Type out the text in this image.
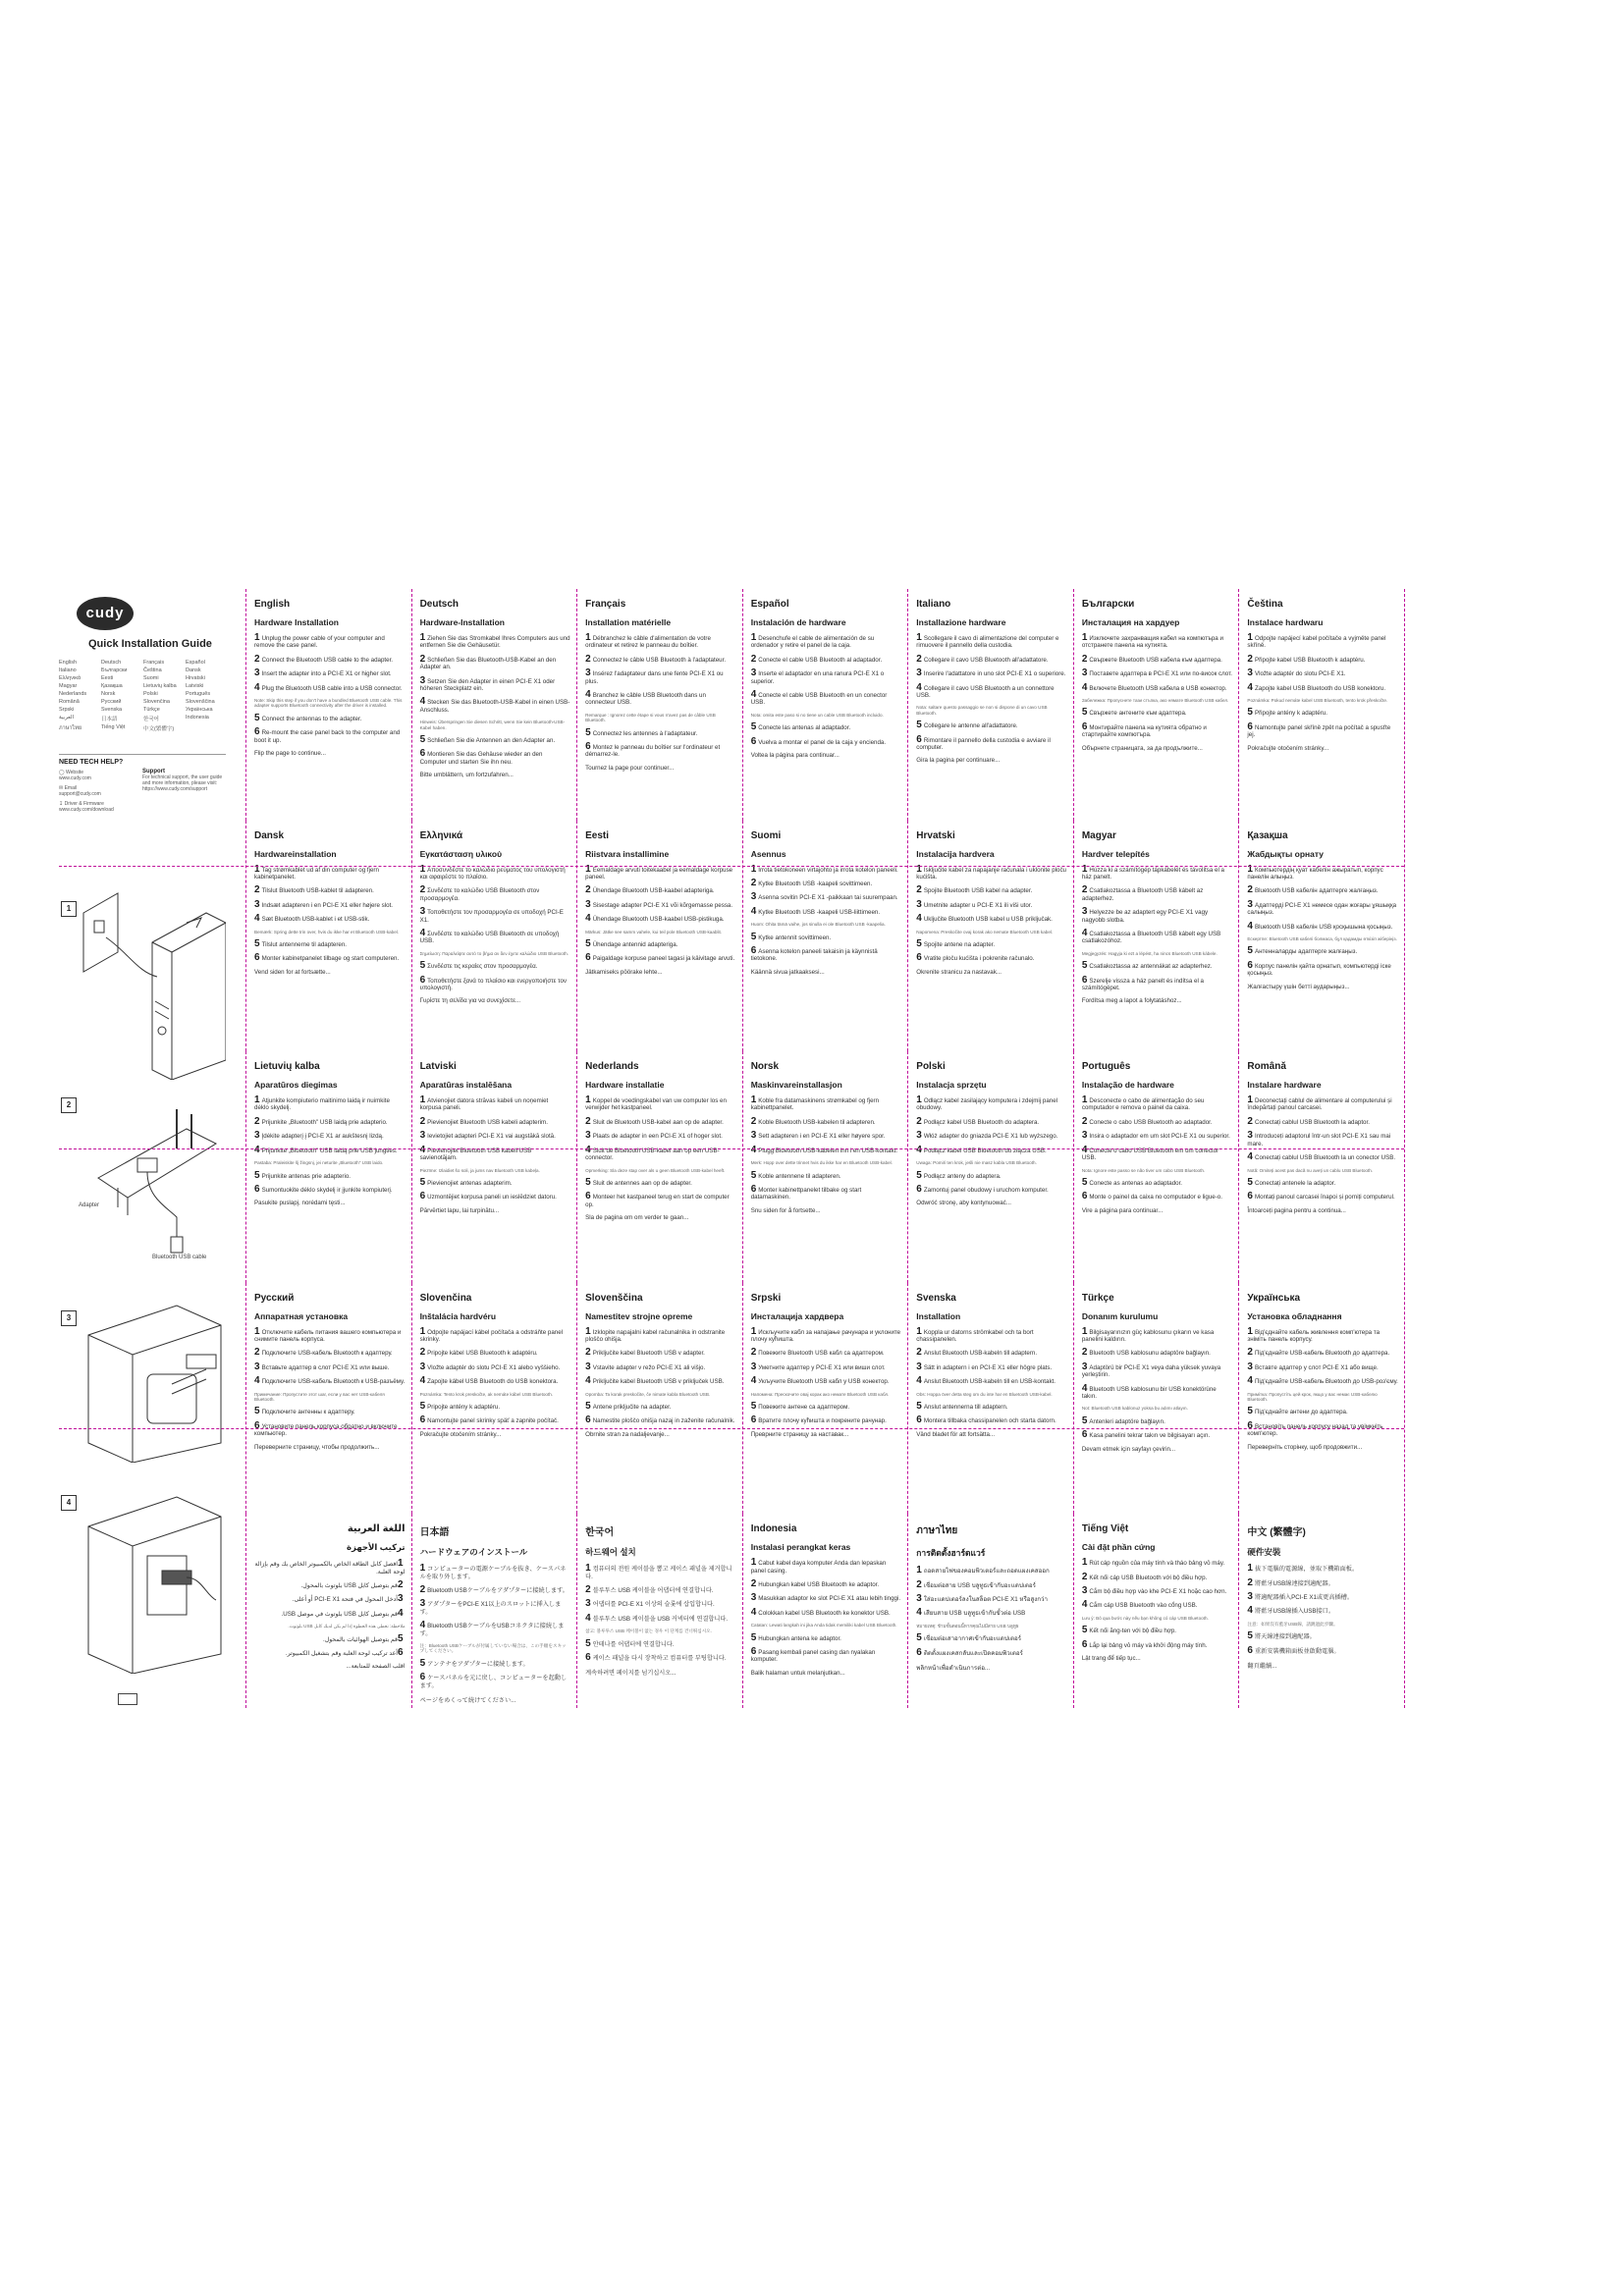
cudy
Quick Installation Guide
English	Deutsch	Français	Español
Italiano	Български	Čeština	Dansk
Ελληνικά	Eesti	Suomi	Hrvatski
Magyar	Қазақша	Lietuvių kalba	Latviski
Nederlands	Norsk	Polski	Português
Română	Русский	Slovenčina	Slovenščina
Srpski	Svenska	Türkçe	Українська
العربية	日本語	한국어	Indonesia
ภาษาไทย	Tiếng Việt	中文(繁體字)
NEED TECH HELP?
◯ Website
www.cudy.com
✉ Email
support@cudy.com
↧ Driver & Firmware
www.cudy.com/download
Support
For technical support, the user guide and more information, please visit: https://www.cudy.com/support
1
2
Adapter
Bluetooth USB cable
3
4
English
Hardware Installation
1 Unplug the power cable of your computer and remove the case panel.
2 Connect the Bluetooth USB cable to the adapter.
3 Insert the adapter into a PCI-E X1 or higher slot.
4 Plug the Bluetooth USB cable into a USB connector.
Note: Skip this step if you don't have a bundled Bluetooth USB cable. This adapter supports Bluetooth connectivity after the driver is installed.
5 Connect the antennas to the adapter.
6 Re-mount the case panel back to the computer and boot it up.
Flip the page to continue...
Deutsch
Hardware-Installation
1 Ziehen Sie das Stromkabel Ihres Computers aus und entfernen Sie die Gehäusetür.
2 Schließen Sie das Bluetooth-USB-Kabel an den Adapter an.
3 Setzen Sie den Adapter in einen PCI-E X1 oder höheren Steckplatz ein.
4 Stecken Sie das Bluetooth-USB-Kabel in einen USB-Anschluss.
Hinweis: Überspringen Sie diesen Schritt, wenn Sie kein Bluetooth-USB-Kabel haben.
5 Schließen Sie die Antennen an den Adapter an.
6 Montieren Sie das Gehäuse wieder an den Computer und starten Sie ihn neu.
Bitte umblättern, um fortzufahren...
Français
Installation matérielle
1 Débranchez le câble d'alimentation de votre ordinateur et retirez le panneau du boîtier.
2 Connectez le câble USB Bluetooth à l'adaptateur.
3 Insérez l'adaptateur dans une fente PCI-E X1 ou plus.
4 Branchez le câble USB Bluetooth dans un connecteur USB.
Remarque : Ignorez cette étape si vous n'avez pas de câble USB Bluetooth.
5 Connectez les antennes à l'adaptateur.
6 Montez le panneau du boîtier sur l'ordinateur et démarrez-le.
Tournez la page pour continuer...
Español
Instalación de hardware
1 Desenchufe el cable de alimentación de su ordenador y retire el panel de la caja.
2 Conecte el cable USB Bluetooth al adaptador.
3 Inserte el adaptador en una ranura PCI-E X1 o superior.
4 Conecte el cable USB Bluetooth en un conector USB.
Nota: omita este paso si no tiene un cable USB Bluetooth incluido.
5 Conecte las antenas al adaptador.
6 Vuelva a montar el panel de la caja y encienda.
Voltea la página para continuar...
Italiano
Installazione hardware
1 Scollegare il cavo di alimentazione del computer e rimuovere il pannello della custodia.
2 Collegare il cavo USB Bluetooth all'adattatore.
3 Inserire l'adattatore in uno slot PCI-E X1 o superiore.
4 Collegare il cavo USB Bluetooth a un connettore USB.
Nota: saltare questo passaggio se non si dispone di un cavo USB Bluetooth.
5 Collegare le antenne all'adattatore.
6 Rimontare il pannello della custodia e avviare il computer.
Gira la pagina per continuare...
Български
Инсталация на хардуер
1 Изключете захранващия кабел на компютъра и отстранете панела на кутията.
2 Свържете Bluetooth USB кабела към адаптера.
3 Поставете адаптера в PCI-E X1 или по-висок слот.
4 Включете Bluetooth USB кабела в USB конектор.
Забележка: Пропуснете тази стъпка, ако нямате Bluetooth USB кабел.
5 Свържете антените към адаптера.
6 Монтирайте панела на кутията обратно и стартирайте компютъра.
Обърнете страницата, за да продължите...
Čeština
Instalace hardwaru
1 Odpojte napájecí kabel počítače a vyjměte panel skříně.
2 Připojte kabel USB Bluetooth k adaptéru.
3 Vložte adaptér do slotu PCI-E X1.
4 Zapojte kabel USB Bluetooth do USB konektoru.
Poznámka: Pokud nemáte kabel USB Bluetooth, tento krok přeskočte.
5 Připojte antény k adaptéru.
6 Namontujte panel skříně zpět na počítač a spusťte jej.
Pokračujte otočením stránky...
Dansk
Hardwareinstallation
1 Tag strømkablet ud af din computer og fjern kabinetpanelet.
2 Tilslut Bluetooth USB-kablet til adapteren.
3 Indsæt adapteren i en PCI-E X1 eller højere slot.
4 Sæt Bluetooth USB-kablet i et USB-stik.
Bemærk: Spring dette trin over, hvis du ikke har et Bluetooth USB-kabel.
5 Tilslut antennerne til adapteren.
6 Monter kabinetpanelet tilbage og start computeren.
Vend siden for at fortsætte...
Ελληνικά
Εγκατάσταση υλικού
1 Αποσυνδέστε το καλώδιο ρεύματος του υπολογιστή και αφαιρέστε το πλαίσιο.
2 Συνδέστε το καλώδιο USB Bluetooth στον προσαρμογέα.
3 Τοποθετήστε τον προσαρμογέα σε υποδοχή PCI-E X1.
4 Συνδέστε το καλώδιο USB Bluetooth σε υποδοχή USB.
Σημείωση: Παραλείψτε αυτό το βήμα αν δεν έχετε καλώδιο USB Bluetooth.
5 Συνδέστε τις κεραίες στον προσαρμογέα.
6 Τοποθετήστε ξανά το πλαίσιο και ενεργοποιήστε τον υπολογιστή.
Γυρίστε τη σελίδα για να συνεχίσετε...
Eesti
Riistvara installimine
1 Eemaldage arvuti toitekaabel ja eemaldage korpuse paneel.
2 Ühendage Bluetooth USB-kaabel adapteriga.
3 Sisestage adapter PCI-E X1 või kõrgemasse pessa.
4 Ühendage Bluetooth USB-kaabel USB-pistikuga.
Märkus: Jätke see samm vahele, kui teil pole Bluetooth USB-kaablit.
5 Ühendage antennid adapteriga.
6 Paigaldage korpuse paneel tagasi ja käivitage arvuti.
Jätkamiseks pöörake lehte...
Suomi
Asennus
1 Irrota tietokoneen virtajohto ja irrota kotelon paneeli.
2 Kytke Bluetooth USB -kaapeli sovittimeen.
3 Asenna sovitin PCI-E X1 -paikkaan tai suurempaan.
4 Kytke Bluetooth USB -kaapeli USB-liittimeen.
Huom: Ohita tämä vaihe, jos sinulla ei ole Bluetooth USB -kaapelia.
5 Kytke antennit sovittimeen.
6 Asenna kotelon paneeli takaisin ja käynnistä tietokone.
Käännä sivua jatkaaksesi...
Hrvatski
Instalacija hardvera
1 Isključite kabel za napajanje računala i uklonite ploču kućišta.
2 Spojite Bluetooth USB kabel na adapter.
3 Umetnite adapter u PCI-E X1 ili viši utor.
4 Uključite Bluetooth USB kabel u USB priključak.
Napomena: Preskočite ovaj korak ako nemate Bluetooth USB kabel.
5 Spojite antene na adapter.
6 Vratite ploču kućišta i pokrenite računalo.
Okrenite stranicu za nastavak...
Magyar
Hardver telepítés
1 Húzza ki a számítógép tápkábelét és távolítsa el a ház panelt.
2 Csatlakoztassa a Bluetooth USB kábelt az adapterhez.
3 Helyezze be az adaptert egy PCI-E X1 vagy nagyobb slotba.
4 Csatlakoztassa a Bluetooth USB kábelt egy USB csatlakozóhoz.
Megjegyzés: Hagyja ki ezt a lépést, ha nincs Bluetooth USB kábele.
5 Csatlakoztassa az antennákat az adapterhez.
6 Szerelje vissza a ház panelt és indítsa el a számítógépet.
Fordítsa meg a lapot a folytatáshoz...
Қазақша
Жабдықты орнату
1 Компьютердің қуат кабелін ажыратып, корпус панелін алыңыз.
2 Bluetooth USB кабелін адаптерге жалғаңыз.
3 Адаптерді PCI-E X1 немесе одан жоғары ұяшыққа салыңыз.
4 Bluetooth USB кабелін USB қосқышына қосыңыз.
Ескертпе: Bluetooth USB кабелі болмаса, бұл қадамды өткізіп жіберіңіз.
5 Антенналарды адаптерге жалғаңыз.
6 Корпус панелін қайта орнатып, компьютерді іске қосыңыз.
Жалғастыру үшін бетті аударыңыз...
Lietuvių kalba
Aparatūros diegimas
1 Atjunkite kompiuterio maitinimo laidą ir nuimkite dėklo skydelį.
2 Prijunkite „Bluetooth" USB laidą prie adapterio.
3 Įdėkite adapterį į PCI-E X1 ar aukštesnį lizdą.
4 Prijunkite „Bluetooth" USB laidą prie USB jungties.
Pastaba: Praleiskite šį žingsnį, jei neturite „Bluetooth" USB laido.
5 Prijunkite antenas prie adapterio.
6 Sumontuokite dėklo skydelį ir įjunkite kompiuterį.
Pasukite puslapį, norėdami tęsti...
Latviski
Aparatūras instalēšana
1 Atvienojiet datora strāvas kabeli un noņemiet korpusa paneli.
2 Pievienojiet Bluetooth USB kabeli adapterim.
3 Ievietojiet adapteri PCI-E X1 vai augstākā slotā.
4 Pievienojiet Bluetooth USB kabeli USB savienotājam.
Piezīme: Izlaidiet šo soli, ja jums nav Bluetooth USB kabeļa.
5 Pievienojiet antenas adapterim.
6 Uzmontējiet korpusa paneli un ieslēdziet datoru.
Pārvērtiet lapu, lai turpinātu...
Nederlands
Hardware installatie
1 Koppel de voedingskabel van uw computer los en verwijder het kastpaneel.
2 Sluit de Bluetooth USB-kabel aan op de adapter.
3 Plaats de adapter in een PCI-E X1 of hoger slot.
4 Sluit de Bluetooth USB-kabel aan op een USB-connector.
Opmerking: Sla deze stap over als u geen Bluetooth USB-kabel heeft.
5 Sluit de antennes aan op de adapter.
6 Monteer het kastpaneel terug en start de computer op.
Sla de pagina om om verder te gaan...
Norsk
Maskinvareinstallasjon
1 Koble fra datamaskinens strømkabel og fjern kabinettpanelet.
2 Koble Bluetooth USB-kabelen til adapteren.
3 Sett adapteren i en PCI-E X1 eller høyere spor.
4 Plugg Bluetooth USB-kabelen inn i en USB-kontakt.
Merk: Hopp over dette trinnet hvis du ikke har en Bluetooth USB-kabel.
5 Koble antennene til adapteren.
6 Monter kabinettpanelet tilbake og start datamaskinen.
Snu siden for å fortsette...
Polski
Instalacja sprzętu
1 Odłącz kabel zasilający komputera i zdejmij panel obudowy.
2 Podłącz kabel USB Bluetooth do adaptera.
3 Włóż adapter do gniazda PCI-E X1 lub wyższego.
4 Podłącz kabel USB Bluetooth do złącza USB.
Uwaga: Pomiń ten krok, jeśli nie masz kabla USB Bluetooth.
5 Podłącz anteny do adaptera.
6 Zamontuj panel obudowy i uruchom komputer.
Odwróć stronę, aby kontynuować...
Português
Instalação de hardware
1 Desconecte o cabo de alimentação do seu computador e remova o painel da caixa.
2 Conecte o cabo USB Bluetooth ao adaptador.
3 Insira o adaptador em um slot PCI-E X1 ou superior.
4 Conecte o cabo USB Bluetooth em um conector USB.
Nota: Ignore este passo se não tiver um cabo USB Bluetooth.
5 Conecte as antenas ao adaptador.
6 Monte o painel da caixa no computador e ligue-o.
Vire a página para continuar...
Română
Instalare hardware
1 Deconectați cablul de alimentare al computerului și îndepărtați panoul carcasei.
2 Conectați cablul USB Bluetooth la adaptor.
3 Introduceți adaptorul într-un slot PCI-E X1 sau mai mare.
4 Conectați cablul USB Bluetooth la un conector USB.
Notă: Omiteți acest pas dacă nu aveți un cablu USB Bluetooth.
5 Conectați antenele la adaptor.
6 Montați panoul carcasei înapoi și porniți computerul.
Întoarceți pagina pentru a continua...
Русский
Аппаратная установка
1 Отключите кабель питания вашего компьютера и снимите панель корпуса.
2 Подключите USB-кабель Bluetooth к адаптеру.
3 Вставьте адаптер в слот PCI-E X1 или выше.
4 Подключите USB-кабель Bluetooth к USB-разъёму.
Примечание: Пропустите этот шаг, если у вас нет USB-кабеля Bluetooth.
5 Подключите антенны к адаптеру.
6 Установите панель корпуса обратно и включите компьютер.
Переверните страницу, чтобы продолжить...
Slovenčina
Inštalácia hardvéru
1 Odpojte napájací kábel počítača a odstráňte panel skrinky.
2 Pripojte kábel USB Bluetooth k adaptéru.
3 Vložte adaptér do slotu PCI-E X1 alebo vyššieho.
4 Zapojte kábel USB Bluetooth do USB konektora.
Poznámka: Tento krok preskočte, ak nemáte kábel USB Bluetooth.
5 Pripojte antény k adaptéru.
6 Namontujte panel skrinky späť a zapnite počítač.
Pokračujte otočením stránky...
Slovenščina
Namestitev strojne opreme
1 Izklopite napajalni kabel računalnika in odstranite ploščo ohišja.
2 Priključite kabel Bluetooth USB v adapter.
3 Vstavite adapter v režo PCI-E X1 ali višjo.
4 Priključite kabel Bluetooth USB v priključek USB.
Opomba: Ta korak preskočite, če nimate kabla Bluetooth USB.
5 Antene priključite na adapter.
6 Namestite ploščo ohišja nazaj in zaženite računalnik.
Obrnite stran za nadaljevanje...
Srpski
Инсталација хардвера
1 Искључите кабл за напајање рачунара и уклоните плочу кућишта.
2 Повежите Bluetooth USB кабл са адаптером.
3 Уметните адаптер у PCI-E X1 или виши слот.
4 Укључите Bluetooth USB кабл у USB конектор.
Напомена: Прескочите овај корак ако немате Bluetooth USB кабл.
5 Повежите антене са адаптером.
6 Вратите плочу кућишта и покрените рачунар.
Преврните страницу за наставак...
Svenska
Installation
1 Koppla ur datorns strömkabel och ta bort chassipanelen.
2 Anslut Bluetooth USB-kabeln till adaptern.
3 Sätt in adaptern i en PCI-E X1 eller högre plats.
4 Anslut Bluetooth USB-kabeln till en USB-kontakt.
Obs: Hoppa över detta steg om du inte har en Bluetooth USB-kabel.
5 Anslut antennerna till adaptern.
6 Montera tillbaka chassipanelen och starta datorn.
Vänd bladet för att fortsätta...
Türkçe
Donanım kurulumu
1 Bilgisayarınızın güç kablosunu çıkarın ve kasa panelini kaldırın.
2 Bluetooth USB kablosunu adaptöre bağlayın.
3 Adaptörü bir PCI-E X1 veya daha yüksek yuvaya yerleştirin.
4 Bluetooth USB kablosunu bir USB konektörüne takın.
Not: Bluetooth USB kablonuz yoksa bu adımı atlayın.
5 Antenleri adaptöre bağlayın.
6 Kasa panelini tekrar takın ve bilgisayarı açın.
Devam etmek için sayfayı çevirin...
Українська
Установка обладнання
1 Від'єднайте кабель живлення комп'ютера та зніміть панель корпусу.
2 Під'єднайте USB-кабель Bluetooth до адаптера.
3 Вставте адаптер у слот PCI-E X1 або вище.
4 Під'єднайте USB-кабель Bluetooth до USB-роз'єму.
Примітка: Пропустіть цей крок, якщо у вас немає USB-кабелю Bluetooth.
5 Під'єднайте антени до адаптера.
6 Встановіть панель корпусу назад та увімкніть комп'ютер.
Переверніть сторінку, щоб продовжити...
اللغة العربية
تركيب الأجهزة
1افصل كابل الطاقة الخاص بالكمبيوتر الخاص بك وقم بإزالة لوحة العلبة.
2قم بتوصيل كابل USB بلوتوث بالمحول.
3أدخل المحول في فتحة PCI-E X1 أو أعلى.
4قم بتوصيل كابل USB بلوتوث في موصل USB.
ملاحظة: تخطى هذه الخطوة إذا لم يكن لديك كابل USB بلوتوث.
5قم بتوصيل الهوائيات بالمحول.
6أعد تركيب لوحة العلبة وقم بتشغيل الكمبيوتر.
اقلب الصفحة للمتابعة...
日本語
ハードウェアのインストール
1 コンピューターの電源ケーブルを抜き、ケースパネルを取り外します。
2 Bluetooth USBケーブルをアダプターに接続します。
3 アダプターをPCI-E X1以上のスロットに挿入します。
4 Bluetooth USBケーブルをUSBコネクタに接続します。
注：Bluetooth USBケーブルが付属していない場合は、この手順をスキップしてください。
5 アンテナをアダプターに接続します。
6 ケースパネルを元に戻し、コンピューターを起動します。
ページをめくって続けてください...
한국어
하드웨어 설치
1 컴퓨터의 전원 케이블을 뽑고 케이스 패널을 제거합니다.
2 블루투스 USB 케이블을 어댑터에 연결합니다.
3 어댑터를 PCI-E X1 이상의 슬롯에 삽입합니다.
4 블루투스 USB 케이블을 USB 커넥터에 연결합니다.
참고: 블루투스 USB 케이블이 없는 경우 이 단계를 건너뛰십시오.
5 안테나를 어댑터에 연결합니다.
6 케이스 패널을 다시 장착하고 컴퓨터를 부팅합니다.
계속하려면 페이지를 넘기십시오...
Indonesia
Instalasi perangkat keras
1 Cabut kabel daya komputer Anda dan lepaskan panel casing.
2 Hubungkan kabel USB Bluetooth ke adaptor.
3 Masukkan adaptor ke slot PCI-E X1 atau lebih tinggi.
4 Colokkan kabel USB Bluetooth ke konektor USB.
Catatan: Lewati langkah ini jika Anda tidak memiliki kabel USB Bluetooth.
5 Hubungkan antena ke adaptor.
6 Pasang kembali panel casing dan nyalakan komputer.
Balik halaman untuk melanjutkan...
ภาษาไทย
การติดตั้งฮาร์ดแวร์
1 ถอดสายไฟของคอมพิวเตอร์และถอดแผงเคสออก
2 เชื่อมต่อสาย USB บลูทูธเข้ากับอะแดปเตอร์
3 ใส่อะแดปเตอร์ลงในสล็อต PCI-E X1 หรือสูงกว่า
4 เสียบสาย USB บลูทูธเข้ากับขั้วต่อ USB
หมายเหตุ: ข้ามขั้นตอนนี้หากคุณไม่มีสาย USB บลูทูธ
5 เชื่อมต่อเสาอากาศเข้ากับอะแดปเตอร์
6 ติดตั้งแผงเคสกลับและเปิดคอมพิวเตอร์
พลิกหน้าเพื่อดำเนินการต่อ...
Tiếng Việt
Cài đặt phần cứng
1 Rút cáp nguồn của máy tính và tháo bảng vỏ máy.
2 Kết nối cáp USB Bluetooth với bộ điều hợp.
3 Cắm bộ điều hợp vào khe PCI-E X1 hoặc cao hơn.
4 Cắm cáp USB Bluetooth vào cổng USB.
Lưu ý: Bỏ qua bước này nếu bạn không có cáp USB Bluetooth.
5 Kết nối ăng-ten với bộ điều hợp.
6 Lắp lại bảng vỏ máy và khởi động máy tính.
Lật trang để tiếp tục...
中文 (繁體字)
硬件安裝
1 拔下電腦的電源線，並取下機箱面板。
2 將藍牙USB線連接到適配器。
3 將適配器插入PCI-E X1或更高插槽。
4 將藍牙USB線插入USB接口。
注意：如果沒有藍牙USB線，請跳過此步驟。
5 將天線連接到適配器。
6 重新安裝機箱面板並啟動電腦。
翻頁繼續...
